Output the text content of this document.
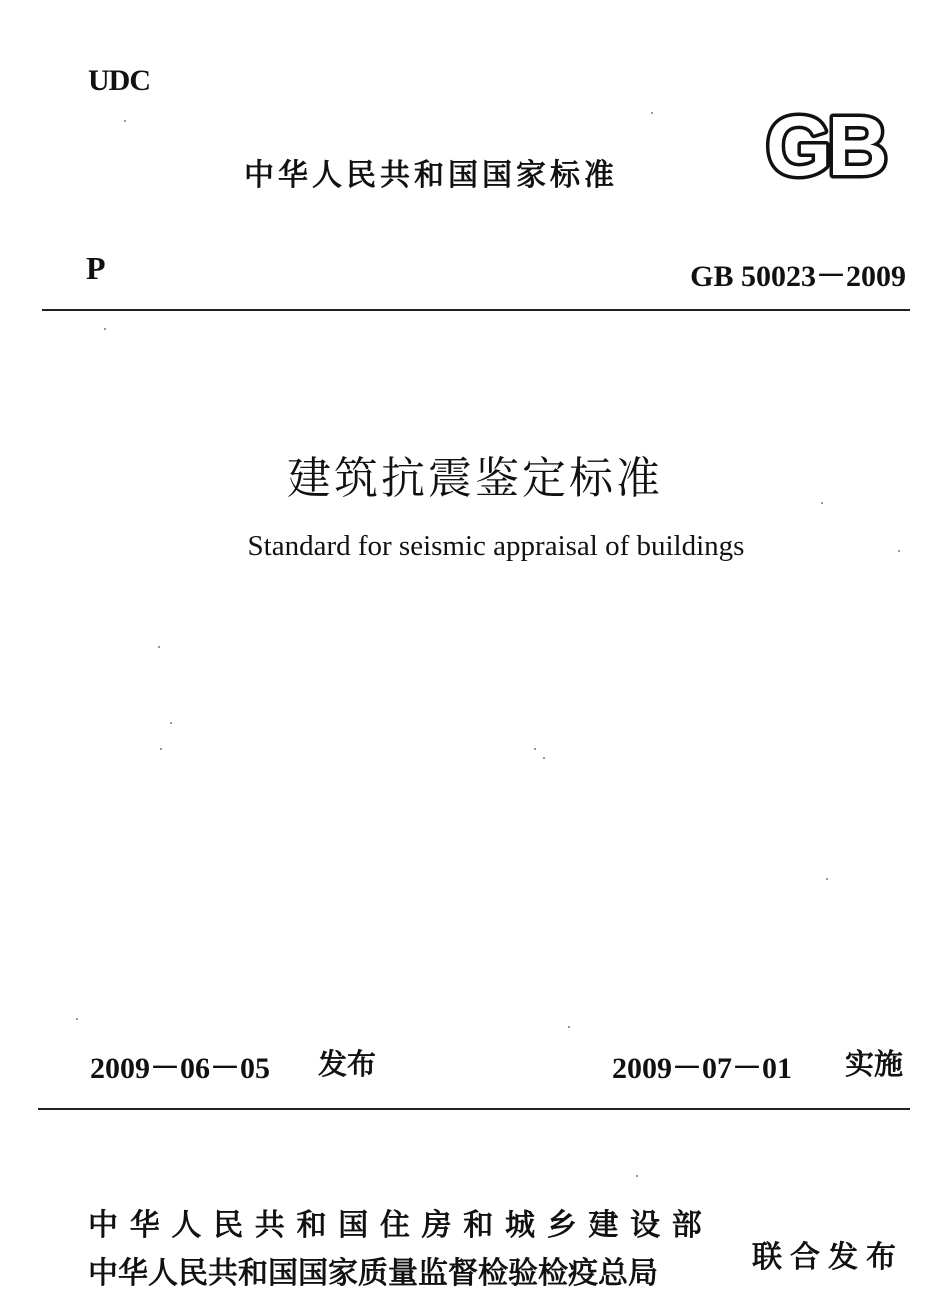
UDC
中华人民共和国国家标准 GB
P	GB 50023－2009
建筑抗震鉴定标准
Standard for seismic appraisal of buildings
2009－06－05 发布	2009－07－01 实施
中华人民共和国住房和城乡建设部
中华人民共和国国家质量监督检验检疫总局	联合发布
